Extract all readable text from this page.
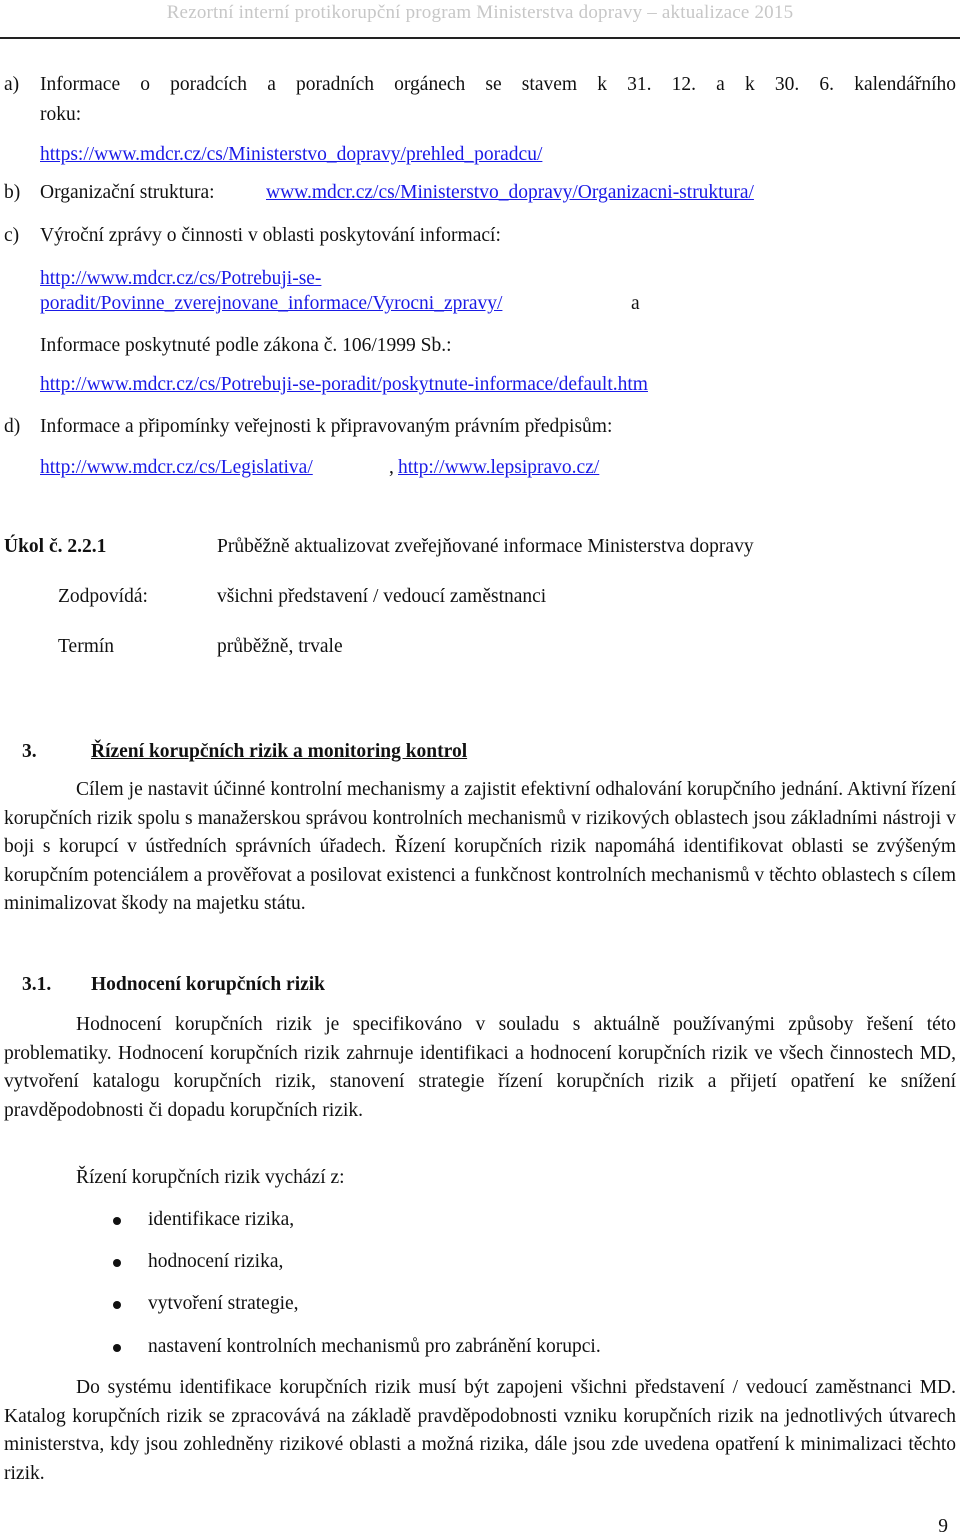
Rezortní interní protikorupční program Ministerstva dopravy – aktualizace 2015
a) Informace o poradcích a poradních orgánech se stavem k 31. 12. a k 30. 6. kalendářního
roku:
https://www.mdcr.cz/cs/Ministerstvo_dopravy/prehled_poradcu/
b) Organizační struktura:	www.mdcr.cz/cs/Ministerstvo_dopravy/Organizacni-struktura/
c) Výroční zprávy o činnosti v oblasti poskytování informací:
http://www.mdcr.cz/cs/Potrebuji-se-
poradit/Povinne_zverejnovane_informace/Vyrocni_zpravy/	a
Informace poskytnuté podle zákona č. 106/1999 Sb.:
http://www.mdcr.cz/cs/Potrebuji-se-poradit/poskytnute-informace/default.htm
d) Informace a připomínky veřejnosti k připravovaným právním předpisům:
http://www.mdcr.cz/cs/Legislativa/	, http://www.lepsipravo.cz/
Úkol č. 2.2.1	Průběžně aktualizovat zveřejňované informace Ministerstva dopravy
Zodpovídá:	všichni představení / vedoucí zaměstnanci
Termín	průběžně, trvale
3.	Řízení korupčních rizik a monitoring kontrol

Cílem je nastavit účinné kontrolní mechanismy a zajistit efektivní odhalování korupčního jednání. Aktivní řízení korupčních rizik spolu s manažerskou správou kontrolních mechanismů v rizikových oblastech jsou základními nástroji v boji s korupcí v ústředních správních úřadech. Řízení korupčních rizik napomáhá identifikovat oblasti se zvýšeným korupčním potenciálem a prověřovat a posilovat existenci a funkčnost kontrolních mechanismů v těchto oblastech s cílem minimalizovat škody na majetku státu.

3.1. Hodnocení korupčních rizik

Hodnocení korupčních rizik je specifikováno v souladu s aktuálně používanými způsoby řešení této problematiky. Hodnocení korupčních rizik zahrnuje identifikaci a hodnocení korupčních rizik ve všech činnostech MD, vytvoření katalogu korupčních rizik, stanovení strategie řízení korupčních rizik a přijetí opatření ke snížení pravděpodobnosti či dopadu korupčních rizik.

Řízení korupčních rizik vychází z:
identifikace rizika,
hodnocení rizika,
vytvoření strategie,
nastavení kontrolních mechanismů pro zabránění korupci.

Do systému identifikace korupčních rizik musí být zapojeni všichni představení / vedoucí zaměstnanci MD. Katalog korupčních rizik se zpracovává na základě pravděpodobnosti vzniku korupčních rizik na jednotlivých útvarech ministerstva, kdy jsou zohledněny rizikové oblasti a možná rizika, dále jsou zde uvedena opatření k minimalizaci těchto rizik.

9
